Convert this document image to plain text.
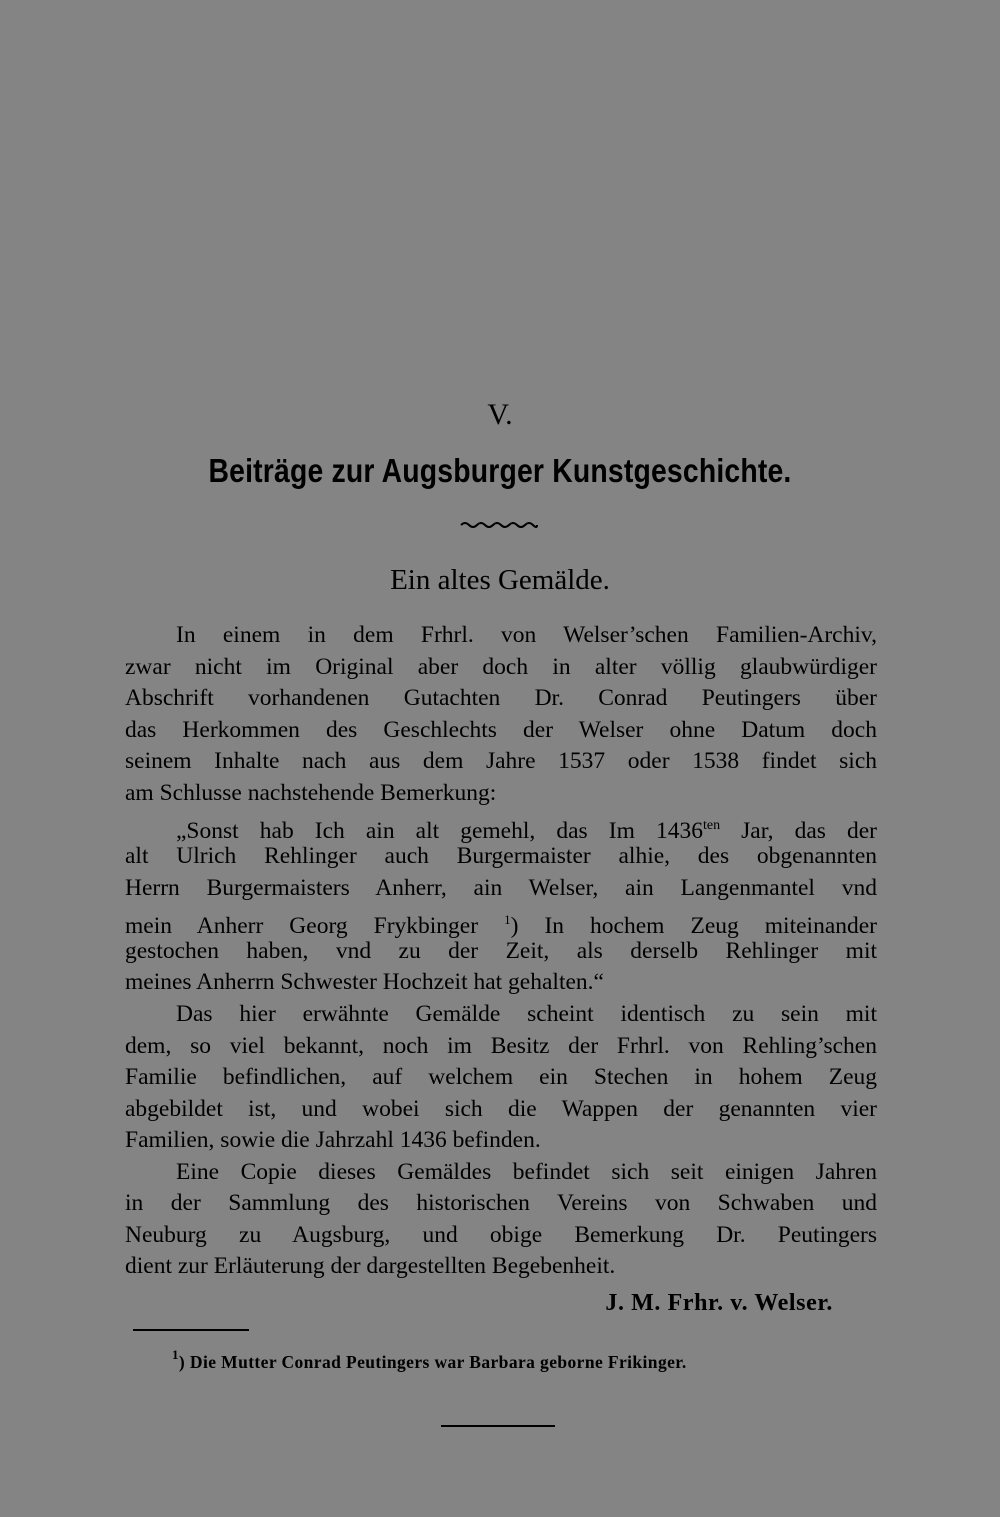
V.
Beiträge zur Augsburger Kunstgeschichte.
Ein altes Gemälde.
In einem in dem Frhrl. von Welser’schen Familien-Archiv,
zwar nicht im Original aber doch in alter völlig glaubwürdiger
Abschrift vorhandenen Gutachten Dr. Conrad Peutingers über
das Herkommen des Geschlechts der Welser ohne Datum doch
seinem Inhalte nach aus dem Jahre 1537 oder 1538 findet sich
am Schlusse nachstehende Bemerkung:
„Sonst hab Ich ain alt gemehl, das Im $1436^{ten}$ Jar, das der
alt Ulrich Rehlinger auch Burgermaister alhie, des obgenannten
Herrn Burgermaisters Anherr, ain Welser, ain Langenmantel vnd
mein Anherr Georg Frykbinger $^1$) In hochem Zeug miteinander
gestochen haben, vnd zu der Zeit, als derselb Rehlinger mit
meines Anherrn Schwester Hochzeit hat gehalten.“
Das hier erwähnte Gemälde scheint identisch zu sein mit
dem, so viel bekannt, noch im Besitz der Frhrl. von Rehling’schen
Familie befindlichen, auf welchem ein Stechen in hohem Zeug
abgebildet ist, und wobei sich die Wappen der genannten vier
Familien, sowie die Jahrzahl 1436 befinden.
Eine Copie dieses Gemäldes befindet sich seit einigen Jahren
in der Sammlung des historischen Vereins von Schwaben und
Neuburg zu Augsburg, und obige Bemerkung Dr. Peutingers
dient zur Erläuterung der dargestellten Begebenheit.
J. M. Frhr. v. Welser.
$^1$) Die Mutter Conrad Peutingers war Barbara geborne Frikinger.
